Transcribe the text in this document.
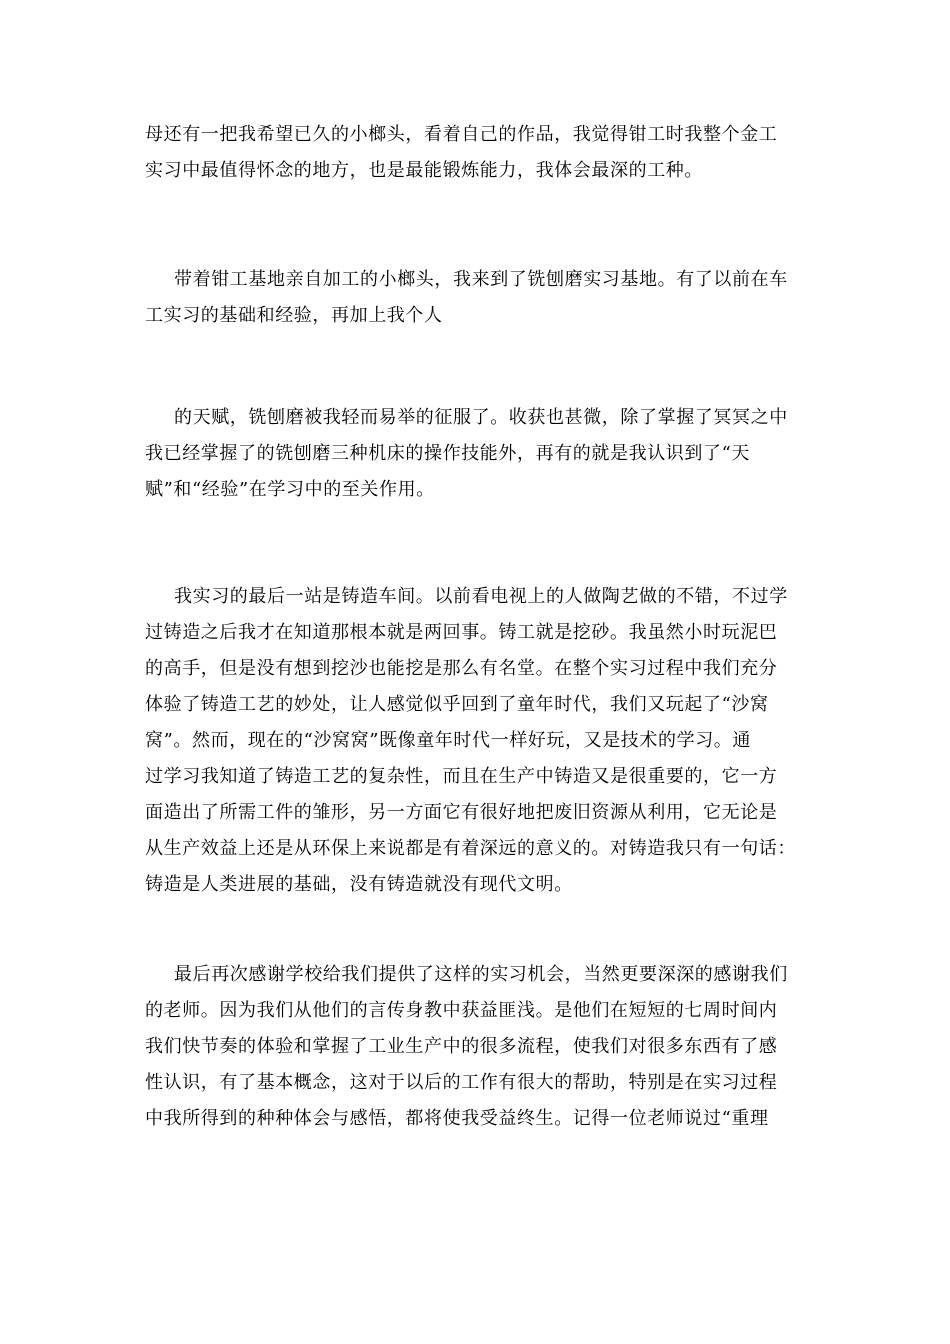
母还有一把我希望已久的小榔头，看着自己的作品，我觉得钳工时我整个金工
实习中最值得怀念的地方，也是最能锻炼能力，我体会最深的工种。
带着钳工基地亲自加工的小榔头，我来到了铣刨磨实习基地。有了以前在车
工实习的基础和经验，再加上我个人
的天赋，铣刨磨被我轻而易举的征服了。收获也甚微，除了掌握了冥冥之中
我已经掌握了的铣刨磨三种机床的操作技能外，再有的就是我认识到了“天
赋”和“经验”在学习中的至关作用。
我实习的最后一站是铸造车间。以前看电视上的人做陶艺做的不错，不过学
过铸造之后我才在知道那根本就是两回事。铸工就是挖砂。我虽然小时玩泥巴
的高手，但是没有想到挖沙也能挖是那么有名堂。在整个实习过程中我们充分
体验了铸造工艺的妙处，让人感觉似乎回到了童年时代，我们又玩起了“沙窝
窝”。然而，现在的“沙窝窝”既像童年时代一样好玩，又是技术的学习。通
过学习我知道了铸造工艺的复杂性，而且在生产中铸造又是很重要的，它一方
面造出了所需工件的雏形，另一方面它有很好地把废旧资源从利用，它无论是
从生产效益上还是从环保上来说都是有着深远的意义的。对铸造我只有一句话：
铸造是人类进展的基础，没有铸造就没有现代文明。
最后再次感谢学校给我们提供了这样的实习机会，当然更要深深的感谢我们
的老师。因为我们从他们的言传身教中获益匪浅。是他们在短短的七周时间内
我们快节奏的体验和掌握了工业生产中的很多流程，使我们对很多东西有了感
性认识，有了基本概念，这对于以后的工作有很大的帮助，特别是在实习过程
中我所得到的种种体会与感悟，都将使我受益终生。记得一位老师说过“重理
